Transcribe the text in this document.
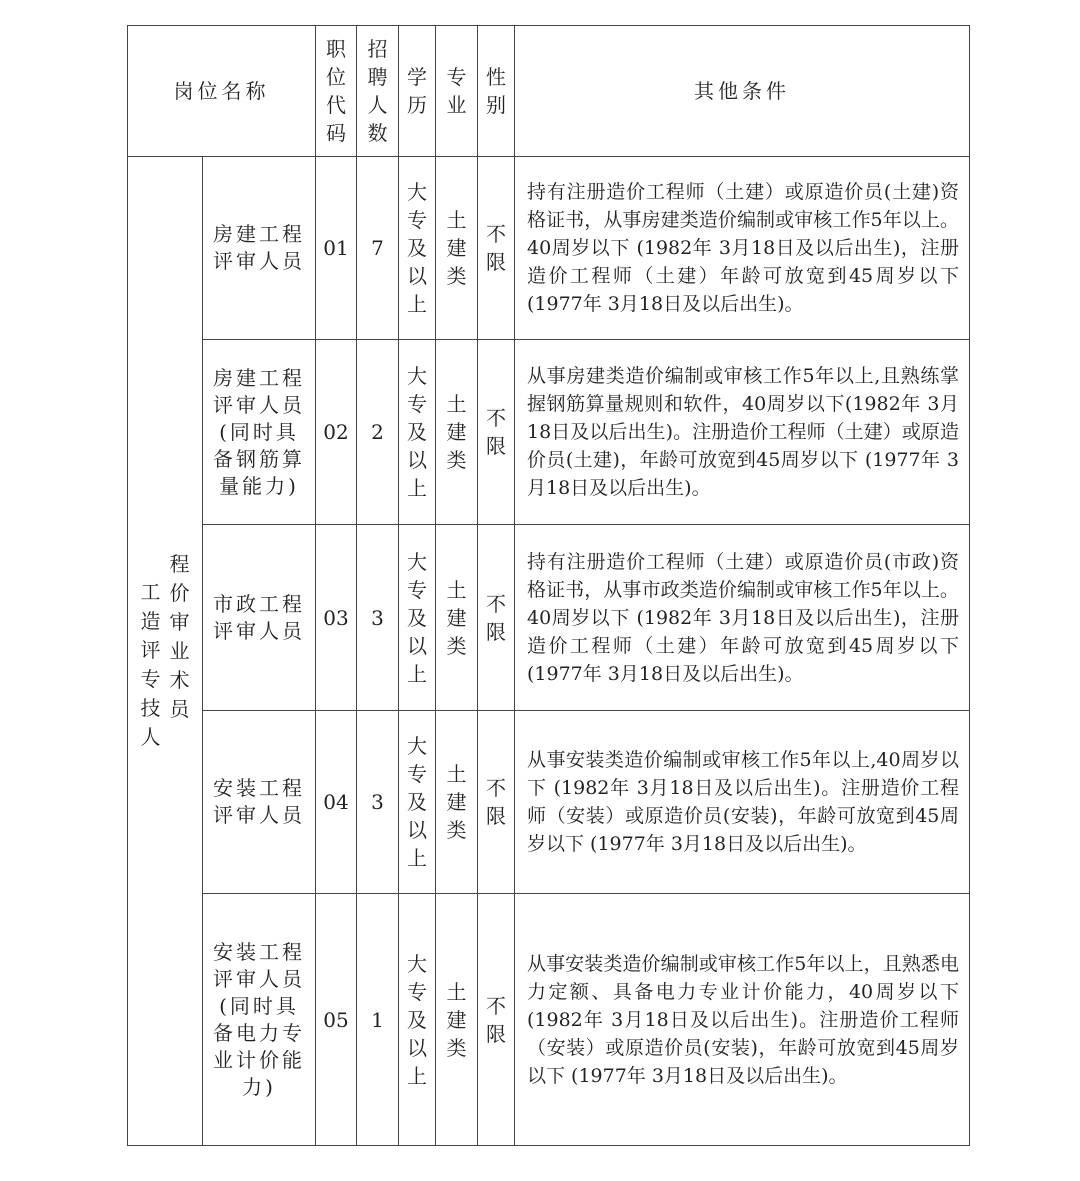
岗位名称		职位代码	招聘人数	学历	专业	性别	其他条件

程价审业术员
工造评专技人	房建工程评审人员	01	7	大专及以上	土建类	不限	持有注册造价工程师（土建）或原造价员(土建)资格证书，从事房建类造价编制或审核工作5年以上。40周岁以下 (1982年 3月18日及以后出生)，注册造价工程师（土建）年龄可放宽到45周岁以下 (1977年 3月18日及以后出生)。
	房建工程评审人员(同时具备钢筋算量能力)	02	2	大专及以上	土建类	不限	从事房建类造价编制或审核工作5年以上,且熟练掌握钢筋算量规则和软件，40周岁以下(1982年 3月18日及以后出生)。注册造价工程师（土建）或原造价员(土建)，年龄可放宽到45周岁以下 (1977年 3月18日及以后出生)。
	市政工程评审人员	03	3	大专及以上	土建类	不限	持有注册造价工程师（土建）或原造价员(市政)资格证书，从事市政类造价编制或审核工作5年以上。40周岁以下 (1982年 3月18日及以后出生)，注册造价工程师（土建）年龄可放宽到45周岁以下 (1977年 3月18日及以后出生)。
	安装工程评审人员	04	3	大专及以上	土建类	不限	从事安装类造价编制或审核工作5年以上,40周岁以下 (1982年 3月18日及以后出生)。注册造价工程师（安装）或原造价员(安装)，年龄可放宽到45周岁以下 (1977年 3月18日及以后出生)。
	安装工程评审人员(同时具备电力专业计价能力)	05	1	大专及以上	土建类	不限	从事安装类造价编制或审核工作5年以上，且熟悉电力定额、具备电力专业计价能力，40周岁以下 (1982年 3月18日及以后出生)。注册造价工程师（安装）或原造价员(安装)，年龄可放宽到45周岁以下 (1977年 3月18日及以后出生)。
